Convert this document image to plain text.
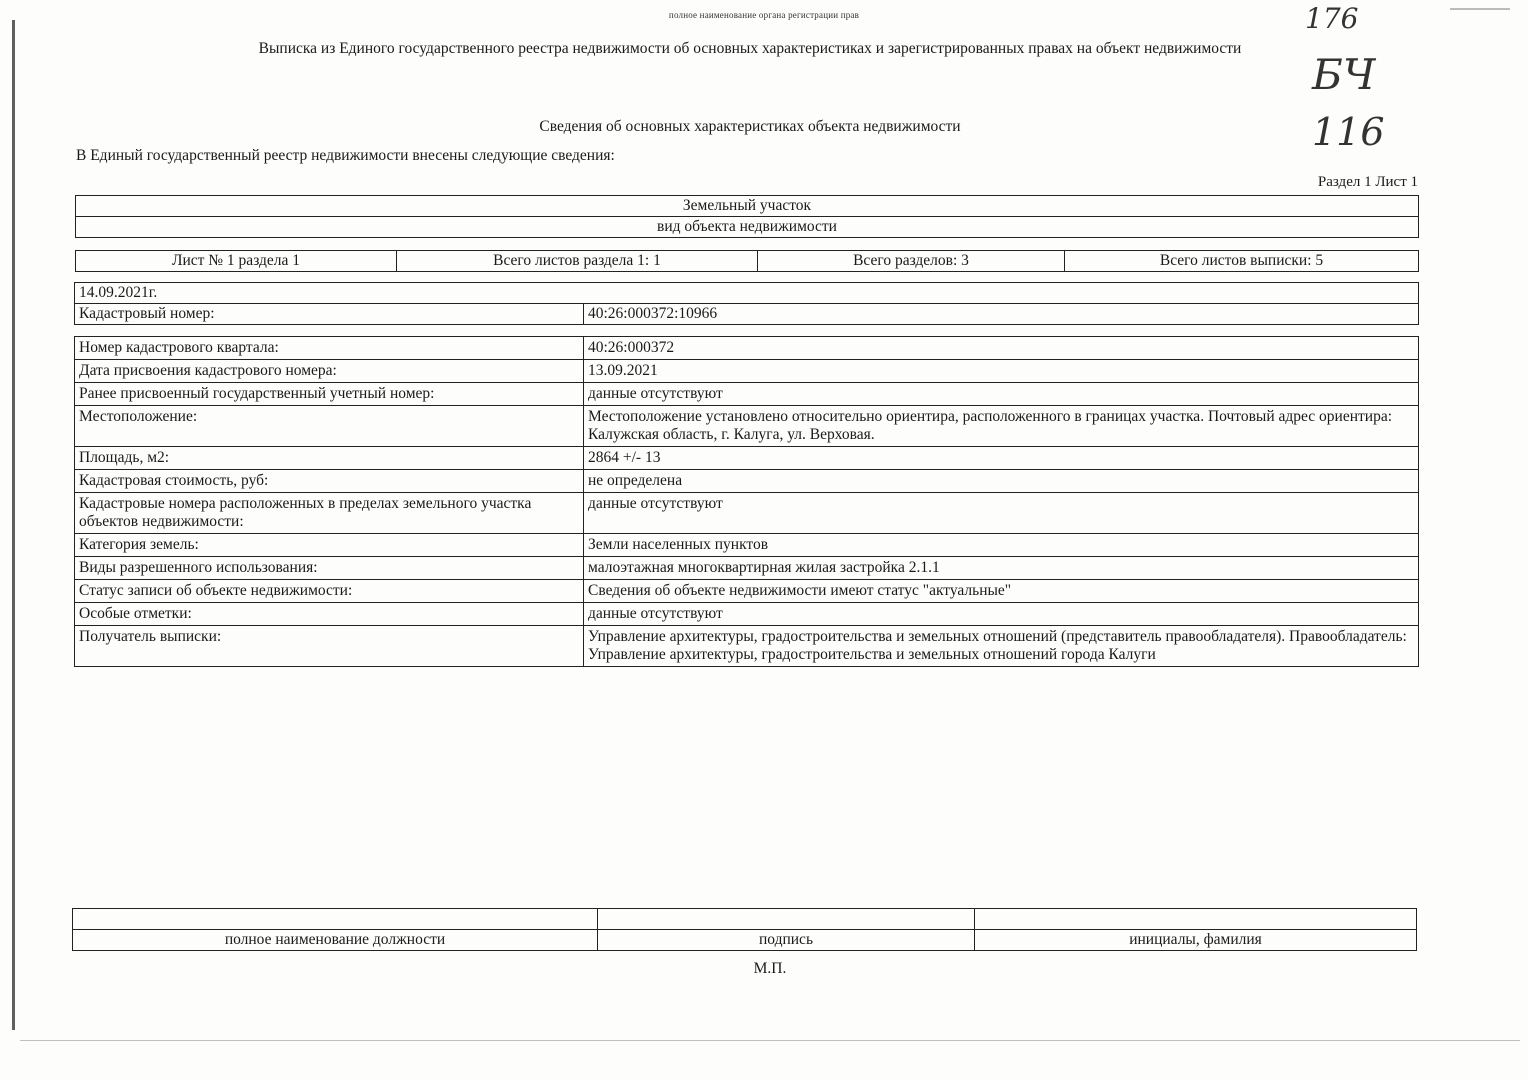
полное наименование органа регистрации прав
Выписка из Единого государственного реестра недвижимости об основных характеристиках и зарегистрированных правах на объект недвижимости
176
БЧ
116
Сведения об основных характеристиках объекта недвижимости
В Единый государственный реестр недвижимости внесены следующие сведения:
Раздел 1 Лист 1
Земельный участок
вид объекта недвижимости
Лист № 1 раздела 1	Всего листов раздела 1: 1	Всего разделов: 3	Всего листов выписки: 5
14.09.2021г.
Кадастровый номер:	40:26:000372:10966
Номер кадастрового квартала:	40:26:000372
Дата присвоения кадастрового номера:	13.09.2021
Ранее присвоенный государственный учетный номер:	данные отсутствуют
Местоположение:	Местоположение установлено относительно ориентира, расположенного в границах участка. Почтовый адрес ориентира: Калужская область, г. Калуга, ул. Верховая.
Площадь, м2:	2864 +/- 13
Кадастровая стоимость, руб:	не определена
Кадастровые номера расположенных в пределах земельного участка объектов недвижимости:	данные отсутствуют
Категория земель:	Земли населенных пунктов
Виды разрешенного использования:	малоэтажная многоквартирная жилая застройка 2.1.1
Статус записи об объекте недвижимости:	Сведения об объекте недвижимости имеют статус "актуальные"
Особые отметки:	данные отсутствуют
Получатель выписки:	Управление архитектуры, градостроительства и земельных отношений (представитель правообладателя). Правообладатель: Управление архитектуры, градостроительства и земельных отношений города Калуги

полное наименование должности	подпись	инициалы, фамилия
М.П.
